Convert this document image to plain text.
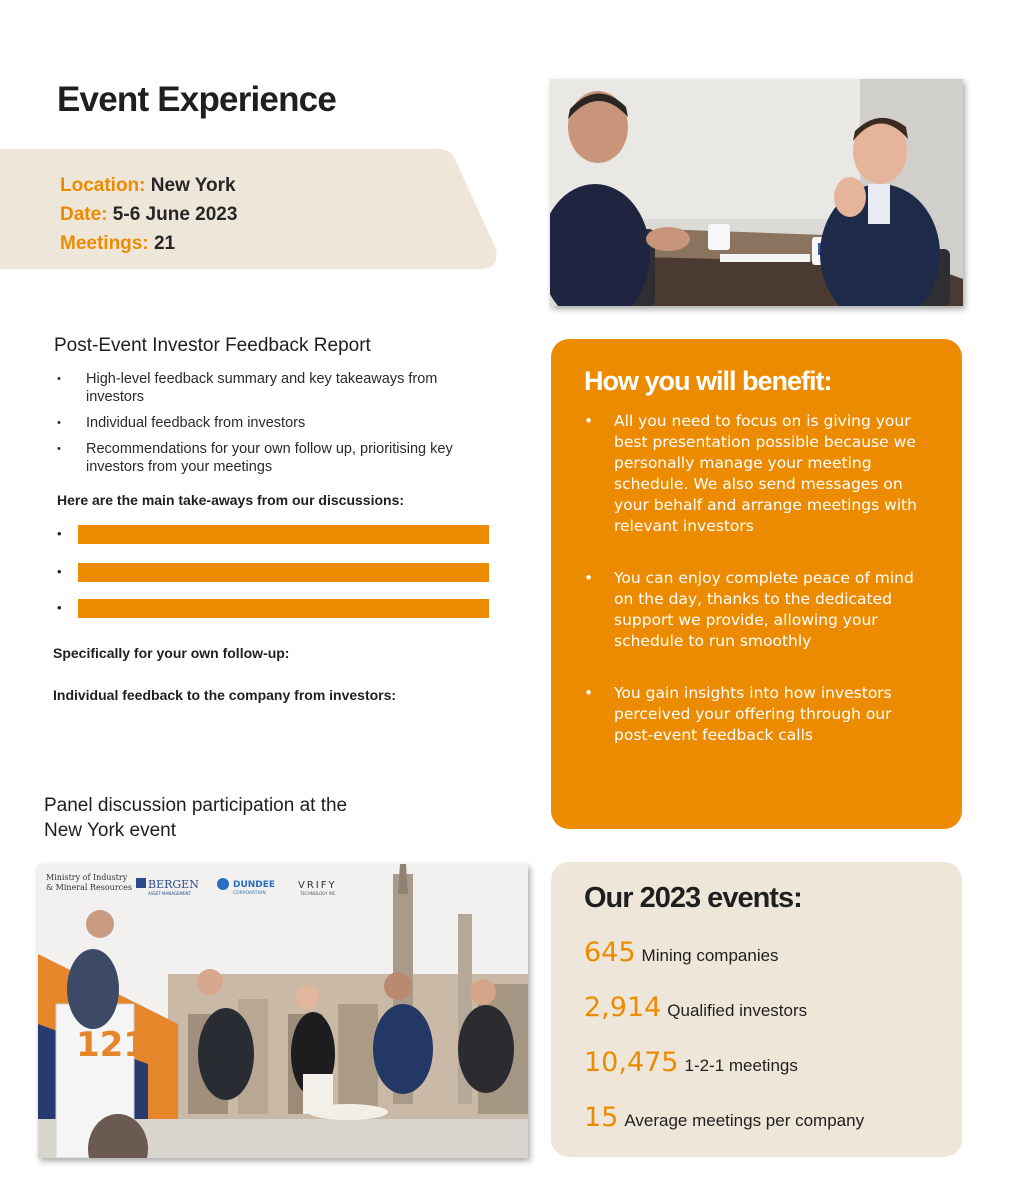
Event Experience
Location: New York
Date: 5-6 June 2023
Meetings: 21
Post-Event Investor Feedback Report
• High-level feedback summary and key takeaways from investors
• Individual feedback from investors
• Recommendations for your own follow up, prioritising key investors from your meetings
Here are the main take-aways from our discussions:
•
•
•
Specifically for your own follow-up:
Individual feedback to the company from investors:
Panel discussion participation at the
New York event
Ministry of Industry
& Mineral Resources BERGEN
ASSET MANAGEMENT
DUNDEE
CORPORATION
VRIFY
TECHNOLOGY INC.
121
How you will benefit:
• All you need to focus on is giving your best presentation possible because we personally manage your meeting schedule. We also send messages on your behalf and arrange meetings with relevant investors
• You can enjoy complete peace of mind on the day, thanks to the dedicated support we provide, allowing your schedule to run smoothly
• You gain insights into how investors perceived your offering through our post-event feedback calls
Our 2023 events:
645 Mining companies
2,914 Qualified investors
10,475 1-2-1 meetings
15 Average meetings per company
